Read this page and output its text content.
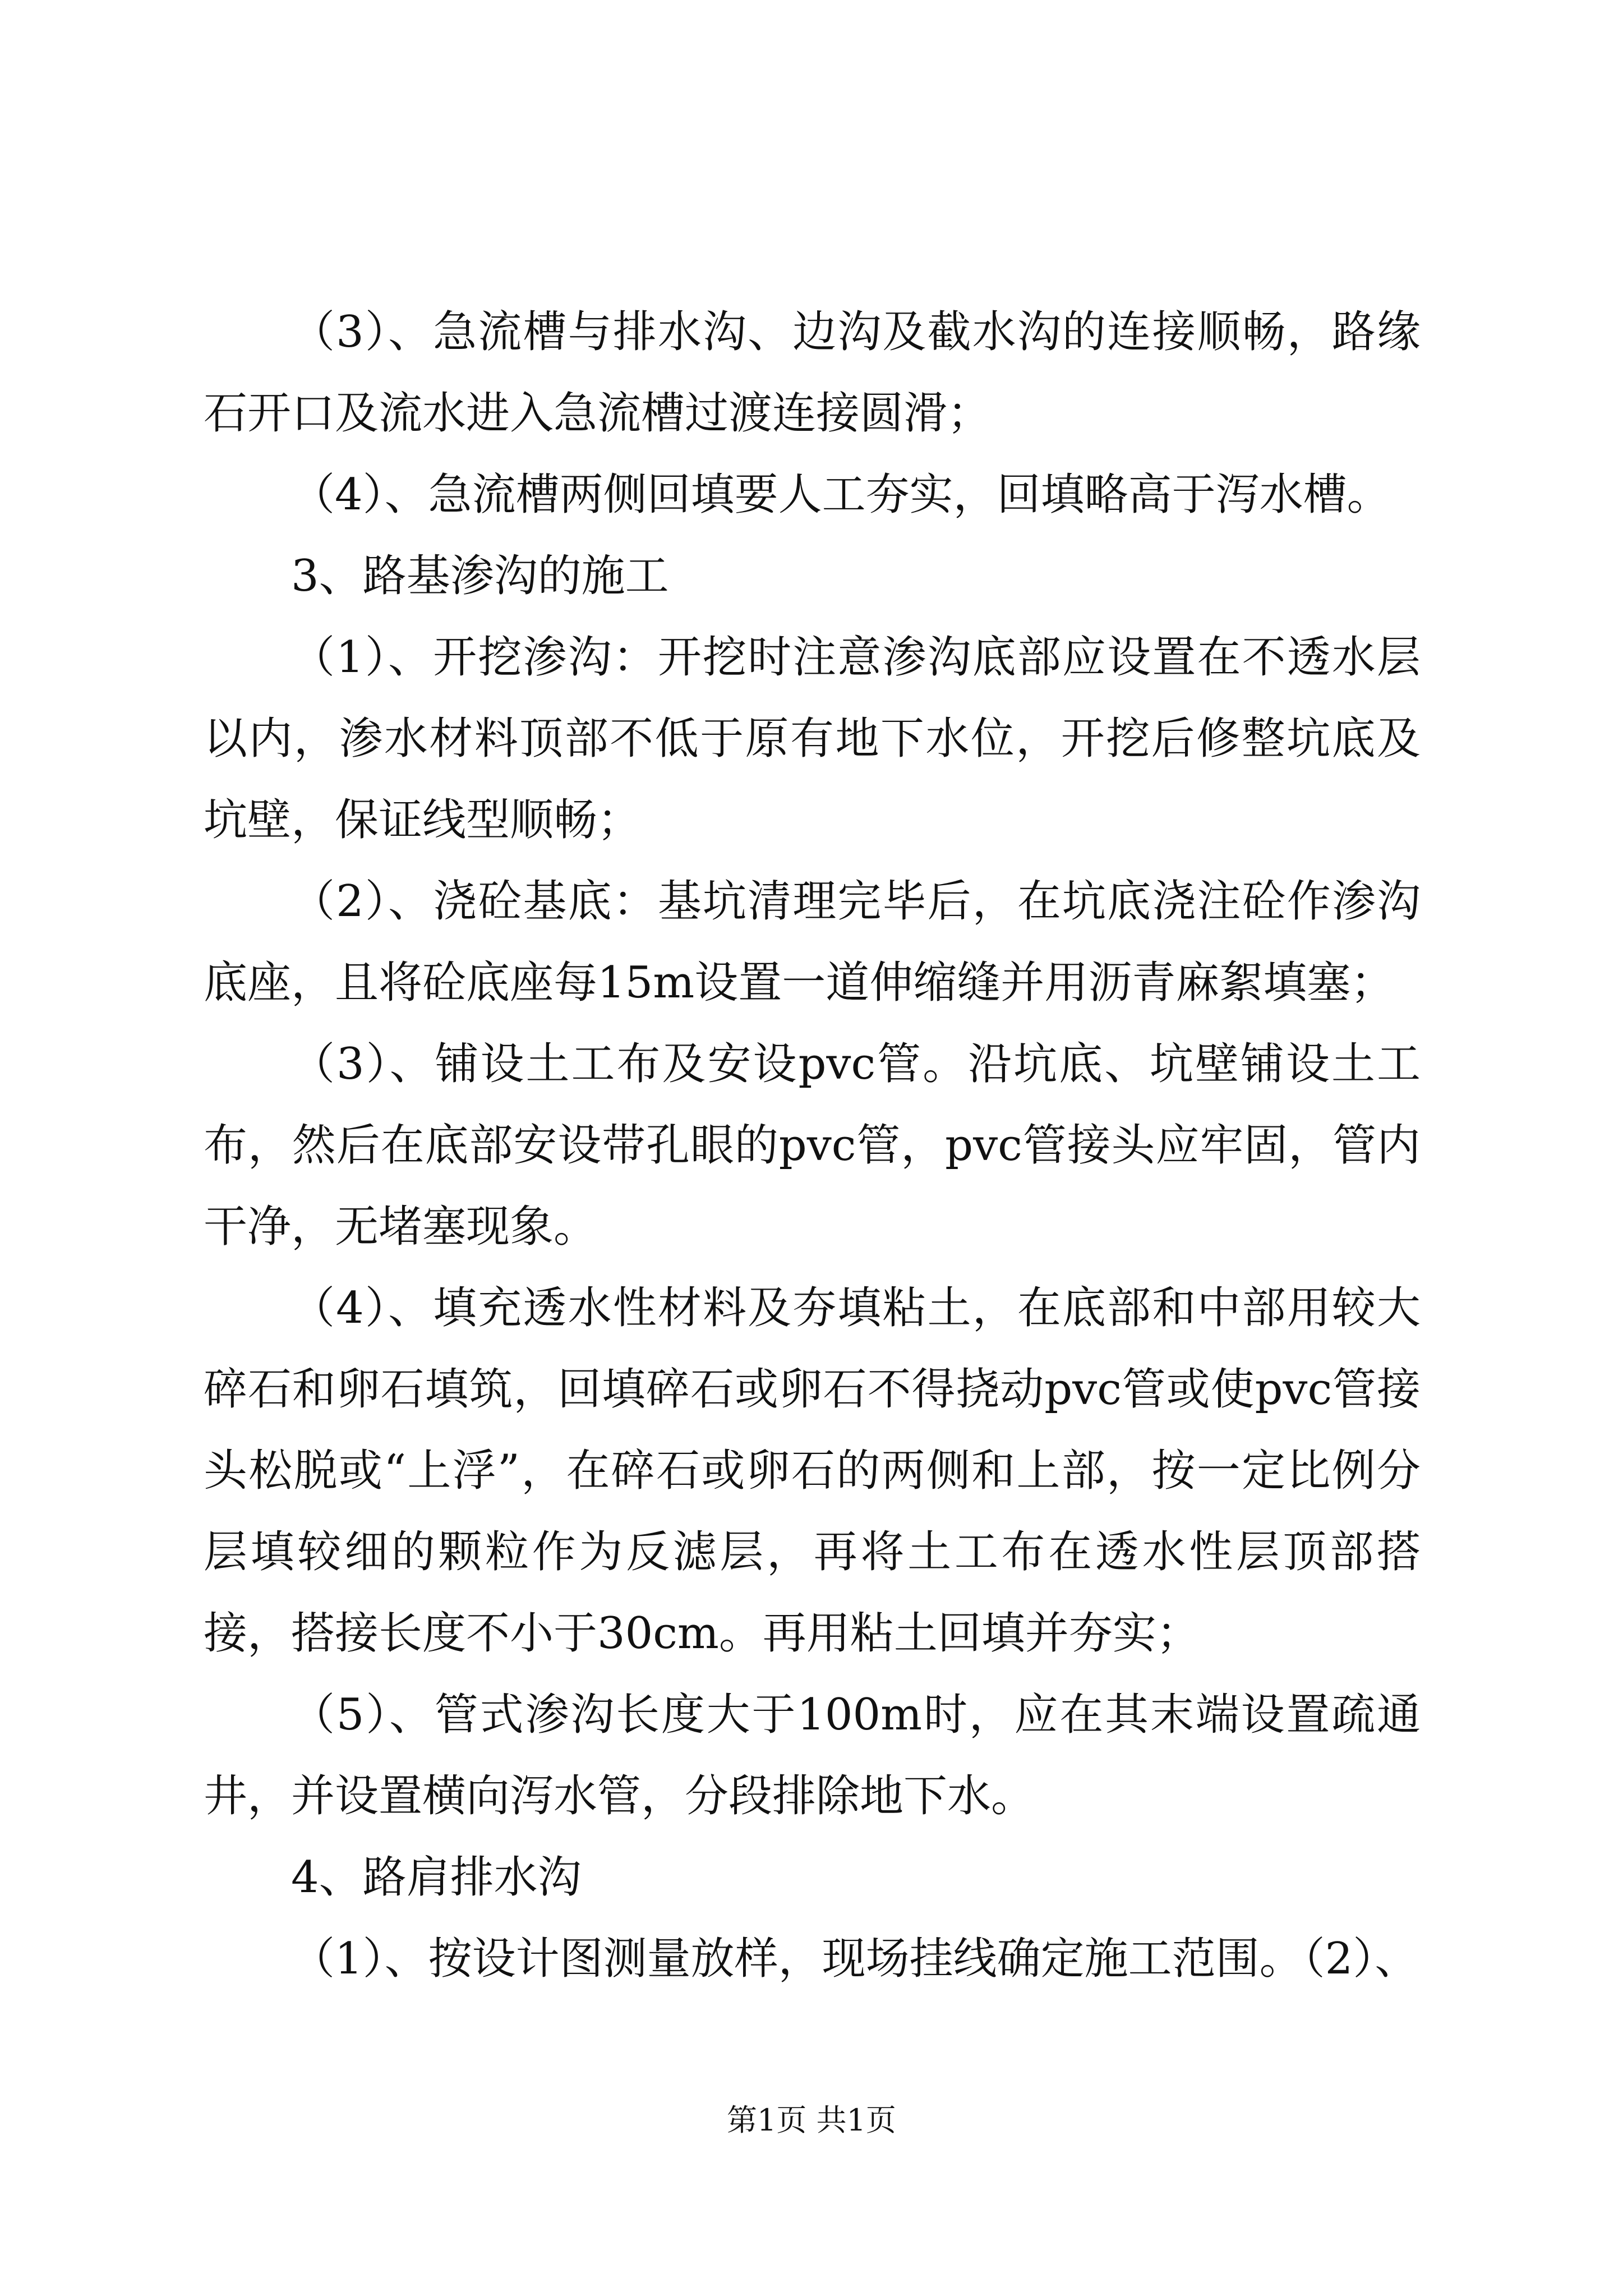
（3）、急流槽与排水沟、边沟及截水沟的连接顺畅，路缘石开口及流水进入急流槽过渡连接圆滑；

（4）、急流槽两侧回填要人工夯实，回填略高于泻水槽。

3、路基渗沟的施工

（1）、开挖渗沟：开挖时注意渗沟底部应设置在不透水层以内，渗水材料顶部不低于原有地下水位，开挖后修整坑底及坑壁，保证线型顺畅；

（2）、浇砼基底：基坑清理完毕后，在坑底浇注砼作渗沟底座，且将砼底座每15m设置一道伸缩缝并用沥青麻絮填塞；

（3）、铺设土工布及安设pvc管。沿坑底、坑壁铺设土工布，然后在底部安设带孔眼的pvc管，pvc管接头应牢固，管内干净，无堵塞现象。

（4）、填充透水性材料及夯填粘土，在底部和中部用较大碎石和卵石填筑，回填碎石或卵石不得挠动pvc管或使pvc管接头松脱或“上浮”，在碎石或卵石的两侧和上部，按一定比例分层填较细的颗粒作为反滤层，再将土工布在透水性层顶部搭接，搭接长度不小于30cm。再用粘土回填并夯实；

（5）、管式渗沟长度大于100m时，应在其末端设置疏通井，并设置横向泻水管，分段排除地下水。

4、路肩排水沟

（1）、按设计图测量放样，现场挂线确定施工范围。（2）、

第1页 共1页
